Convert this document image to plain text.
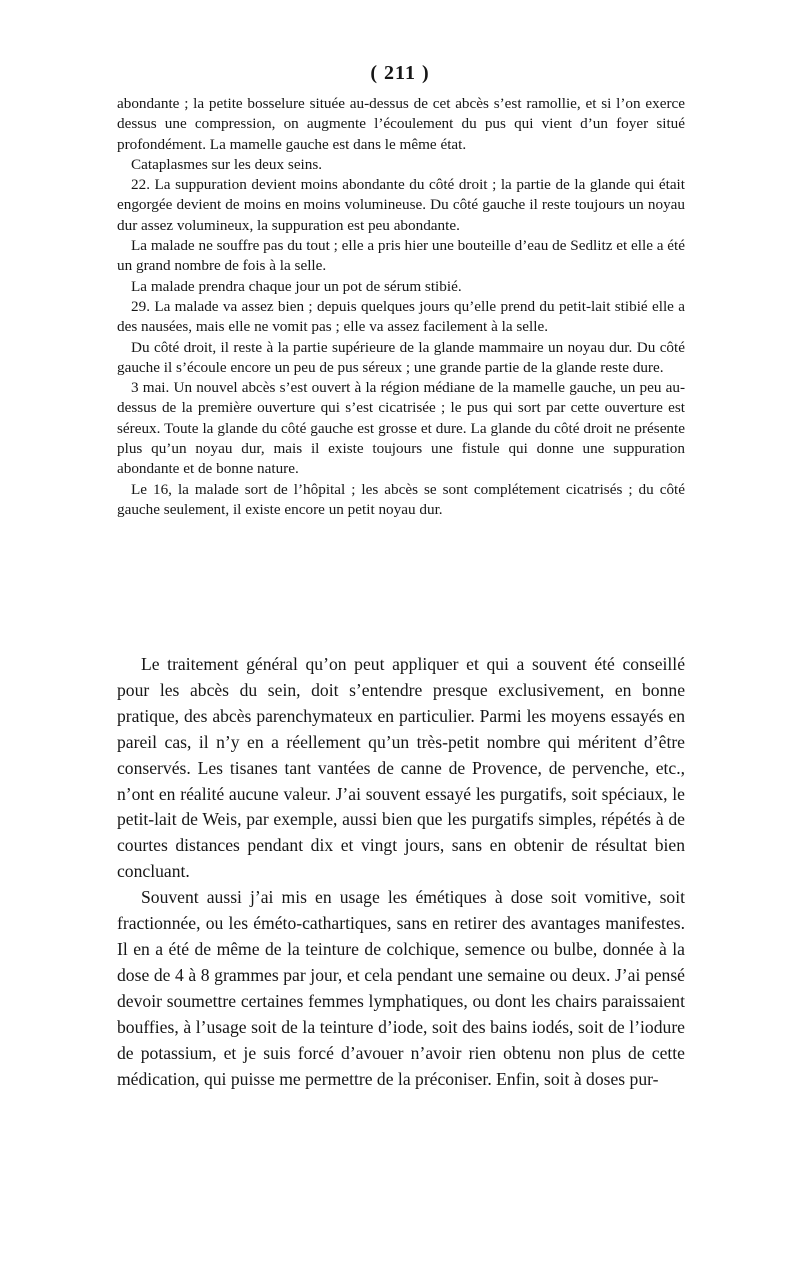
( 211 )

abondante ; la petite bosselure située au-dessus de cet abcès s’est ramollie, et si l’on exerce dessus une compression, on augmente l’écoulement du pus qui vient d’un foyer situé profondément. La mamelle gauche est dans le même état.

Cataplasmes sur les deux seins.

22. La suppuration devient moins abondante du côté droit ; la partie de la glande qui était engorgée devient de moins en moins volumineuse. Du côté gauche il reste toujours un noyau dur assez volumineux, la suppuration est peu abondante.

La malade ne souffre pas du tout ; elle a pris hier une bouteille d’eau de Sedlitz et elle a été un grand nombre de fois à la selle.

La malade prendra chaque jour un pot de sérum stibié.

29. La malade va assez bien ; depuis quelques jours qu’elle prend du petit-lait stibié elle a des nausées, mais elle ne vomit pas ; elle va assez facilement à la selle.

Du côté droit, il reste à la partie supérieure de la glande mammaire un noyau dur. Du côté gauche il s’écoule encore un peu de pus séreux ; une grande partie de la glande reste dure.

3 mai. Un nouvel abcès s’est ouvert à la région médiane de la mamelle gauche, un peu au-dessus de la première ouverture qui s’est cicatrisée ; le pus qui sort par cette ouverture est séreux. Toute la glande du côté gauche est grosse et dure. La glande du côté droit ne présente plus qu’un noyau dur, mais il existe toujours une fistule qui donne une suppuration abondante et de bonne nature.

Le 16, la malade sort de l’hôpital ; les abcès se sont complétement cicatrisés ; du côté gauche seulement, il existe encore un petit noyau dur.

Le traitement général qu’on peut appliquer et qui a souvent été conseillé pour les abcès du sein, doit s’entendre presque exclusivement, en bonne pratique, des abcès parenchymateux en particulier. Parmi les moyens essayés en pareil cas, il n’y en a réellement qu’un très-petit nombre qui méritent d’être conservés. Les tisanes tant vantées de canne de Provence, de pervenche, etc., n’ont en réalité aucune valeur. J’ai souvent essayé les purgatifs, soit spéciaux, le petit-lait de Weis, par exemple, aussi bien que les purgatifs simples, répétés à de courtes distances pendant dix et vingt jours, sans en obtenir de résultat bien concluant.

Souvent aussi j’ai mis en usage les émétiques à dose soit vomitive, soit fractionnée, ou les éméto-cathartiques, sans en retirer des avantages manifestes. Il en a été de même de la teinture de colchique, semence ou bulbe, donnée à la dose de 4 à 8 grammes par jour, et cela pendant une semaine ou deux. J’ai pensé devoir soumettre certaines femmes lymphatiques, ou dont les chairs paraissaient bouffies, à l’usage soit de la teinture d’iode, soit des bains iodés, soit de l’iodure de potassium, et je suis forcé d’avouer n’avoir rien obtenu non plus de cette médication, qui puisse me permettre de la préconiser. Enfin, soit à doses pur-
